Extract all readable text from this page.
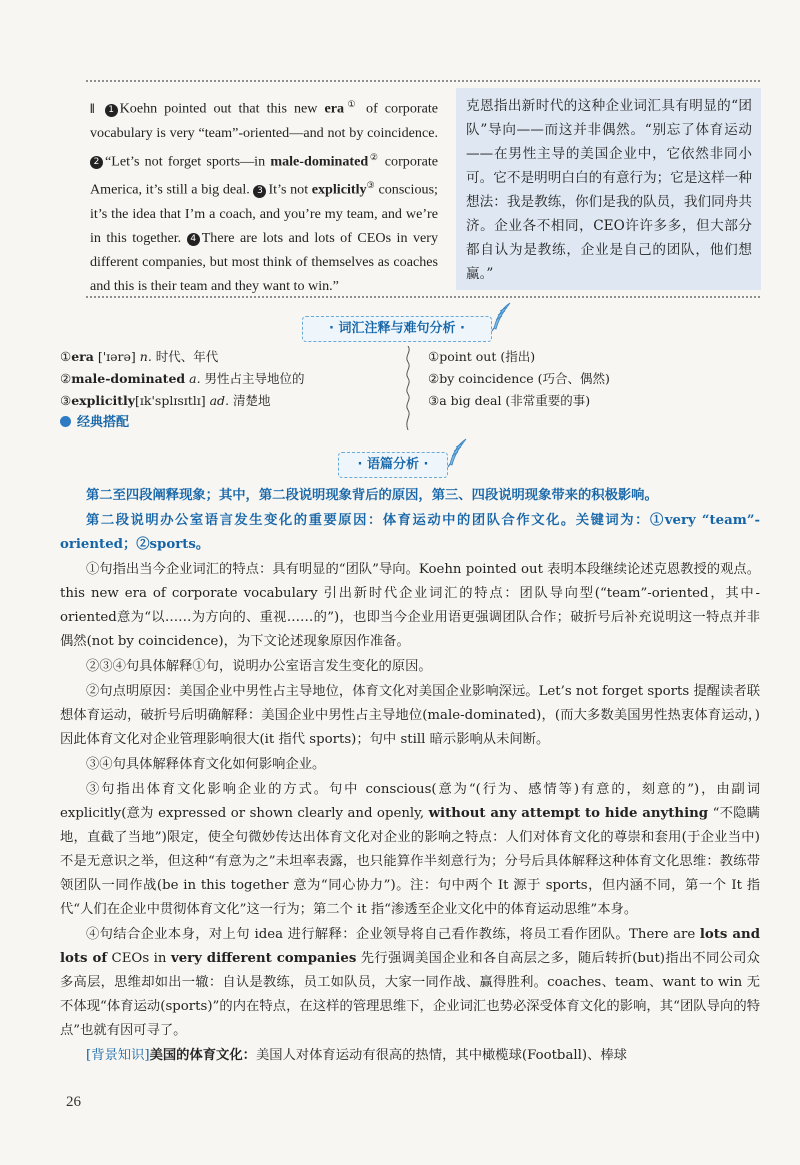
‖ 1 Koehn pointed out that this new era① of corporate vocabulary is very “team”-oriented—and not by coincidence. 2 “Let’s not forget sports—in male-dominated② corporate America, it’s still a big deal. 3 It’s not explicitly③ conscious; it’s the idea that I’m a coach, and you’re my team, and we’re in this together. 4 There are lots and lots of CEOs in very different companies, but most think of themselves as coaches and this is their team and they want to win.”
克恩指出新时代的这种企业词汇具有明显的“团队”导向——而这并非偶然。“别忘了体育运动——在男性主导的美国企业中，它依然非同小可。它不是明明白白的有意行为；它是这样一种想法：我是教练，你们是我的队员，我们同舟共济。企业各不相同，CEO许许多多，但大部分都自认为是教练，企业是自己的团队，他们想赢。”
· 词汇注释与难句分析 ·
①era ['ɪərə] n. 时代、年代
②male-dominated a. 男性占主导地位的
③explicitly[ɪk'splɪsɪtlɪ] ad. 清楚地
①point out (指出)
②by coincidence (巧合、偶然)
③a big deal (非常重要的事)
经典搭配
· 语篇分析 ·

第二至四段阐释现象；其中，第二段说明现象背后的原因，第三、四段说明现象带来的积极影响。

第二段说明办公室语言发生变化的重要原因：体育运动中的团队合作文化。关键词为：①very “team”-oriented；②sports。

①句指出当今企业词汇的特点：具有明显的“团队”导向。Koehn pointed out 表明本段继续论述克恩教授的观点。this new era of corporate vocabulary 引出新时代企业词汇的特点：团队导向型(“team”-oriented，其中-oriented意为“以……为方向的、重视……的”)，也即当今企业用语更强调团队合作；破折号后补充说明这一特点并非偶然(not by coincidence)，为下文论述现象原因作准备。

②③④句具体解释①句，说明办公室语言发生变化的原因。

②句点明原因：美国企业中男性占主导地位，体育文化对美国企业影响深远。Let’s not forget sports 提醒读者联想体育运动，破折号后明确解释：美国企业中男性占主导地位(male-dominated)，(而大多数美国男性热衷体育运动，)因此体育文化对企业管理影响很大(it 指代 sports)；句中 still 暗示影响从未间断。

③④句具体解释体育文化如何影响企业。

③句指出体育文化影响企业的方式。句中 conscious(意为“(行为、感情等)有意的，刻意的”)，由副词 explicitly(意为 expressed or shown clearly and openly, without any attempt to hide anything “不隐瞒地，直截了当地”)限定，使全句微妙传达出体育文化对企业的影响之特点：人们对体育文化的尊崇和套用(于企业当中)不是无意识之举，但这种“有意为之”未坦率表露，也只能算作半刻意行为；分号后具体解释这种体育文化思维：教练带领团队一同作战(be in this together 意为“同心协力”)。注：句中两个 It 源于 sports，但内涵不同，第一个 It 指代“人们在企业中贯彻体育文化”这一行为；第二个 it 指“渗透至企业文化中的体育运动思维”本身。

④句结合企业本身，对上句 idea 进行解释：企业领导将自己看作教练，将员工看作团队。There are lots and lots of CEOs in very different companies 先行强调美国企业和各自高层之多，随后转折(but)指出不同公司众多高层，思维却如出一辙：自认是教练，员工如队员，大家一同作战、赢得胜利。coaches、team、want to win 无不体现“体育运动(sports)”的内在特点，在这样的管理思维下，企业词汇也势必深受体育文化的影响，其“团队导向的特点”也就有因可寻了。

[背景知识]美国的体育文化：美国人对体育运动有很高的热情，其中橄榄球(Football)、棒球

26
